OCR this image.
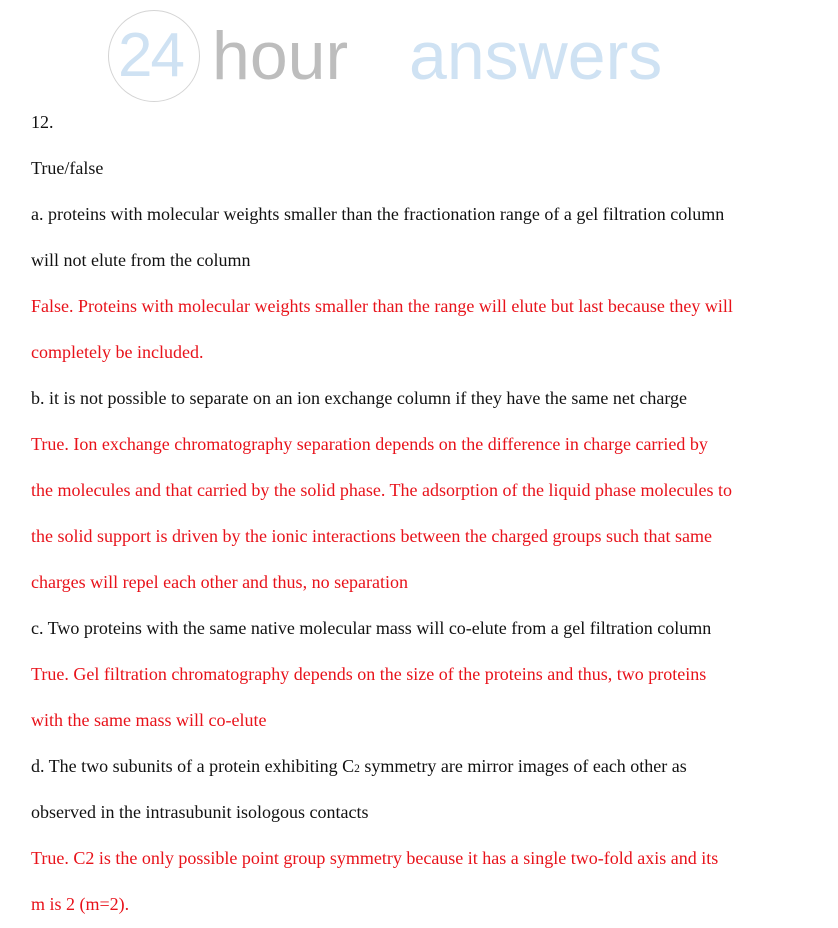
24 hour answers

12.

True/false

a. proteins with molecular weights smaller than the fractionation range of a gel filtration column

will not elute from the column

False. Proteins with molecular weights smaller than the range will elute but last because they will

completely be included.

b. it is not possible to separate on an ion exchange column if they have the same net charge

True. Ion exchange chromatography separation depends on the difference in charge carried by

the molecules and that carried by the solid phase. The adsorption of the liquid phase molecules to

the solid support is driven by the ionic interactions between the charged groups such that same

charges will repel each other and thus, no separation

c. Two proteins with the same native molecular mass will co-elute from a gel filtration column

True. Gel filtration chromatography depends on the size of the proteins and thus, two proteins

with the same mass will co-elute

d. The two subunits of a protein exhibiting C2 symmetry are mirror images of each other as

observed in the intrasubunit isologous contacts

True. C2 is the only possible point group symmetry because it has a single two-fold axis and its

m is 2 (m=2).
